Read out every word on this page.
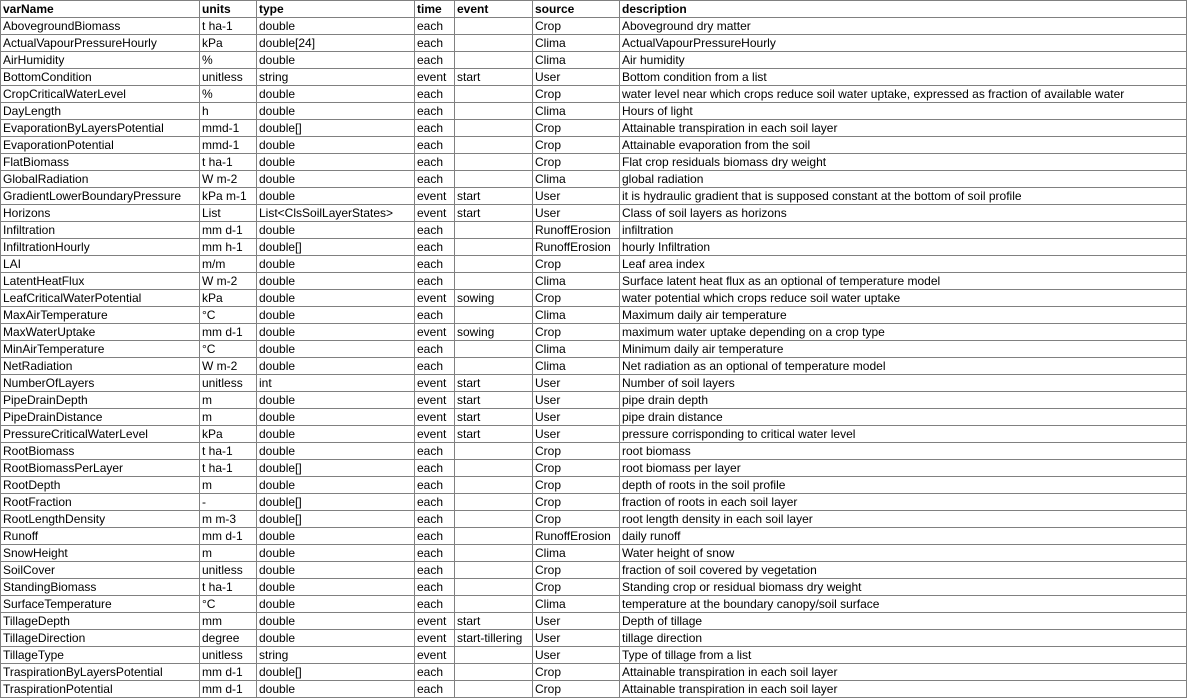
varName	units	type	time	event	source	description
AbovegroundBiomass	t ha-1	double	each		Crop	Aboveground dry matter
ActualVapourPressureHourly	kPa	double[24]	each		Clima	ActualVapourPressureHourly
AirHumidity	%	double	each		Clima	Air humidity
BottomCondition	unitless	string	event	start	User	Bottom condition from a list
CropCriticalWaterLevel	%	double	each		Crop	water level near which crops reduce soil water uptake, expressed as fraction of available water
DayLength	h	double	each		Clima	Hours of light
EvaporationByLayersPotential	mmd-1	double[]	each		Crop	Attainable transpiration in each soil layer
EvaporationPotential	mmd-1	double	each		Crop	Attainable evaporation from the soil
FlatBiomass	t ha-1	double	each		Crop	Flat crop residuals biomass dry weight
GlobalRadiation	W m-2	double	each		Clima	global radiation
GradientLowerBoundaryPressure	kPa m-1	double	event	start	User	it is hydraulic gradient that is supposed constant at the bottom of soil profile
Horizons	List	List<ClsSoilLayerStates>	event	start	User	Class of soil layers as horizons
Infiltration	mm d-1	double	each		RunoffErosion	infiltration
InfiltrationHourly	mm h-1	double[]	each		RunoffErosion	hourly Infiltration
LAI	m/m	double	each		Crop	Leaf area index
LatentHeatFlux	W m-2	double	each		Clima	Surface latent heat flux as an optional of temperature model
LeafCriticalWaterPotential	kPa	double	event	sowing	Crop	water potential which crops reduce soil water uptake
MaxAirTemperature	°C	double	each		Clima	Maximum daily air temperature
MaxWaterUptake	mm d-1	double	event	sowing	Crop	maximum water uptake depending on a crop type
MinAirTemperature	°C	double	each		Clima	Minimum daily air temperature
NetRadiation	W m-2	double	each		Clima	Net radiation as an optional of temperature model
NumberOfLayers	unitless	int	event	start	User	Number of soil layers
PipeDrainDepth	m	double	event	start	User	pipe drain depth
PipeDrainDistance	m	double	event	start	User	pipe drain distance
PressureCriticalWaterLevel	kPa	double	event	start	User	pressure corrisponding to critical water level
RootBiomass	t ha-1	double	each		Crop	root biomass
RootBiomassPerLayer	t ha-1	double[]	each		Crop	root biomass per layer
RootDepth	m	double	each		Crop	depth of roots in the soil profile
RootFraction	-	double[]	each		Crop	fraction of roots in each soil layer
RootLengthDensity	m m-3	double[]	each		Crop	root length density in each soil layer
Runoff	mm d-1	double	each		RunoffErosion	daily runoff
SnowHeight	m	double	each		Clima	Water height of snow
SoilCover	unitless	double	each		Crop	fraction of soil covered by vegetation
StandingBiomass	t ha-1	double	each		Crop	Standing crop or residual biomass dry weight
SurfaceTemperature	°C	double	each		Clima	temperature at the boundary canopy/soil surface
TillageDepth	mm	double	event	start	User	Depth of tillage
TillageDirection	degree	double	event	start-tillering	User	tillage direction
TillageType	unitless	string	event		User	Type of tillage from a list
TraspirationByLayersPotential	mm d-1	double[]	each		Crop	Attainable transpiration in each soil layer
TraspirationPotential	mm d-1	double	each		Crop	Attainable transpiration in each soil layer
